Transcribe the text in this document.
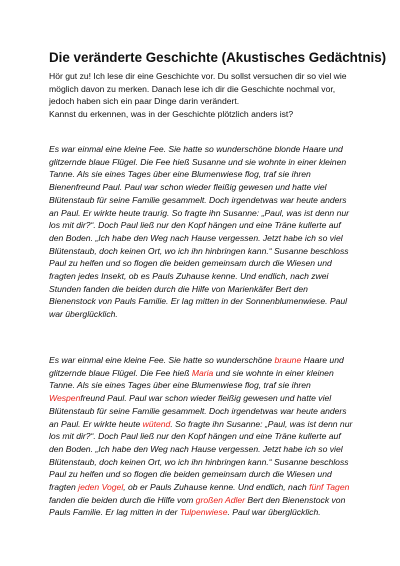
Die veränderte Geschichte (Akustisches Gedächtnis)

Hör gut zu! Ich lese dir eine Geschichte vor. Du sollst versuchen dir so viel wie
möglich davon zu merken. Danach lese ich dir die Geschichte nochmal vor,
jedoch haben sich ein paar Dinge darin verändert.
Kannst du erkennen, was in der Geschichte plötzlich anders ist?

Es war einmal eine kleine Fee. Sie hatte so wunderschöne blonde Haare und
glitzernde blaue Flügel. Die Fee hieß Susanne und sie wohnte in einer kleinen
Tanne. Als sie eines Tages über eine Blumenwiese flog, traf sie ihren
Bienenfreund Paul. Paul war schon wieder fleißig gewesen und hatte viel
Blütenstaub für seine Familie gesammelt. Doch irgendetwas war heute anders
an Paul. Er wirkte heute traurig. So fragte ihn Susanne: „Paul, was ist denn nur
los mit dir?“. Doch Paul ließ nur den Kopf hängen und eine Träne kullerte auf
den Boden. „Ich habe den Weg nach Hause vergessen. Jetzt habe ich so viel
Blütenstaub, doch keinen Ort, wo ich ihn hinbringen kann.“ Susanne beschloss
Paul zu helfen und so flogen die beiden gemeinsam durch die Wiesen und
fragten jedes Insekt, ob es Pauls Zuhause kenne. Und endlich, nach zwei
Stunden fanden die beiden durch die Hilfe von Marienkäfer Bert den
Bienenstock von Pauls Familie. Er lag mitten in der Sonnenblumenwiese. Paul
war überglücklich.

Es war einmal eine kleine Fee. Sie hatte so wunderschöne braune Haare und
glitzernde blaue Flügel. Die Fee hieß Maria und sie wohnte in einer kleinen
Tanne. Als sie eines Tages über eine Blumenwiese flog, traf sie ihren
Wespenfreund Paul. Paul war schon wieder fleißig gewesen und hatte viel
Blütenstaub für seine Familie gesammelt. Doch irgendetwas war heute anders
an Paul. Er wirkte heute wütend. So fragte ihn Susanne: „Paul, was ist denn nur
los mit dir?“. Doch Paul ließ nur den Kopf hängen und eine Träne kullerte auf
den Boden. „Ich habe den Weg nach Hause vergessen. Jetzt habe ich so viel
Blütenstaub, doch keinen Ort, wo ich ihn hinbringen kann.“ Susanne beschloss
Paul zu helfen und so flogen die beiden gemeinsam durch die Wiesen und
fragten jeden Vogel, ob er Pauls Zuhause kenne. Und endlich, nach fünf Tagen
fanden die beiden durch die Hilfe vom großen Adler Bert den Bienenstock von
Pauls Familie. Er lag mitten in der Tulpenwiese. Paul war überglücklich.
